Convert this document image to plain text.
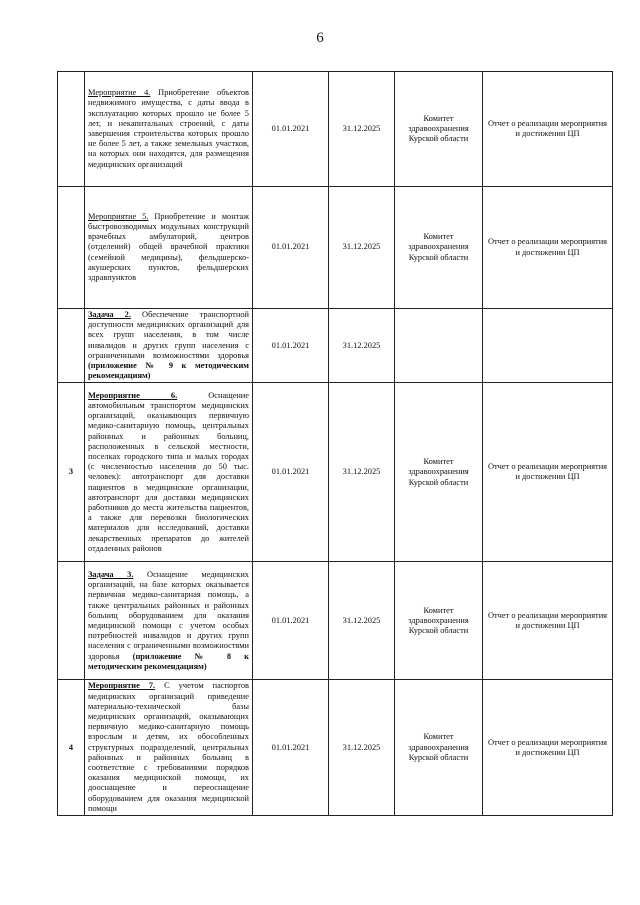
6
	Мероприятие 4. Приобретение объектов недвижимого имущества, с даты ввода в эксплуатацию которых прошло не более 5 лет, и некапитальных строений, с даты завершения строительства которых прошло не более 5 лет, а также земельных участков, на которых они находятся, для размещения медицинских организаций	01.01.2021	31.12.2025	Комитет здравоохранения Курской области	Отчет о реализации мероприятия и достижении ЦП
	Мероприятие 5. Приобретение и монтаж быстровозводимых модульных конструкций врачебных амбулаторий, центров (отделений) общей врачебной практики (семейной медицины), фельдшерско-акушерских пунктов, фельдшерских здравпунктов	01.01.2021	31.12.2025	Комитет здравоохранения Курской области	Отчет о реализации мероприятия и достижении ЦП
	Задача 2. Обеспечение транспортной доступности медицинских организаций для всех групп населения, в том числе инвалидов и других групп населения с ограниченными возможностями здоровья (приложение № 9 к методическим рекомендациям)	01.01.2021	31.12.2025		
3	Мероприятие 6. Оснащение автомобильным транспортом медицинских организаций, оказывающих первичную медико-санитарную помощь, центральных районных и районных больниц, расположенных в сельской местности, поселках городского типа и малых городах (с численностью населения до 50 тыс. человек): автотранспорт для доставки пациентов в медицинские организации, автотранспорт для доставки медицинских работников до места жительства пациентов, а также для перевозки биологических материалов для исследований, доставки лекарственных препаратов до жителей отдаленных районов	01.01.2021	31.12.2025	Комитет здравоохранения Курской области	Отчет о реализации мероприятия и достижении ЦП
	Задача 3. Оснащение медицинских организаций, на базе которых оказывается первичная медико-санитарная помощь, а также центральных районных и районных больниц оборудованием для оказания медицинской помощи с учетом особых потребностей инвалидов и других групп населения с ограниченными возможностями здоровья (приложение № 8 к методическим рекомендациям)	01.01.2021	31.12.2025	Комитет здравоохранения Курской области	Отчет о реализации мероприятия и достижении ЦП
4	Мероприятие 7. С учетом паспортов медицинских организаций приведение материально-технической базы медицинских организаций, оказывающих первичную медико-санитарную помощь взрослым и детям, их обособленных структурных подразделений, центральных районных и районных больниц в соответствие с требованиями порядков оказания медицинской помощи, их дооснащение и переоснащение оборудованием для оказания медицинской помощи	01.01.2021	31.12.2025	Комитет здравоохранения Курской области	Отчет о реализации мероприятия и достижении ЦП
